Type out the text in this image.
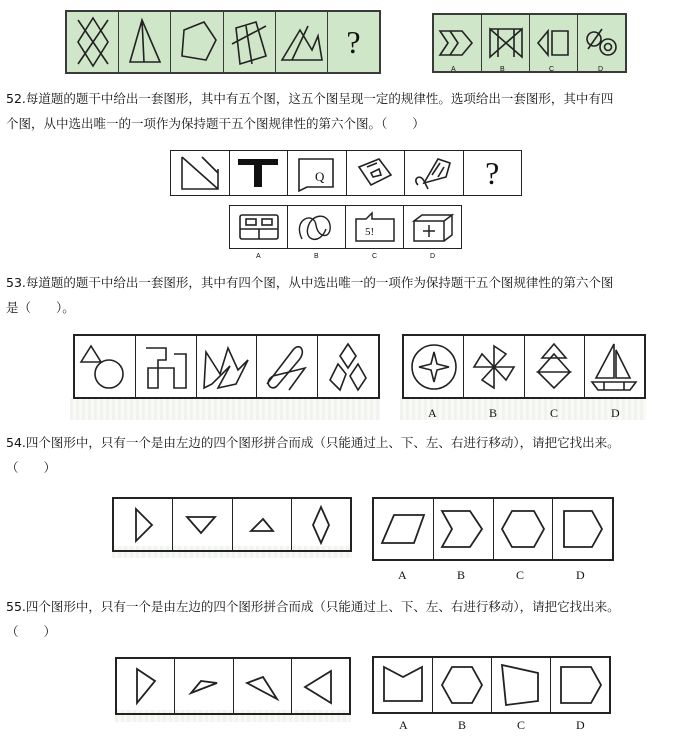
?
A	B	C	D
52.每道题的题干中给出一套图形，其中有五个图，这五个图呈现一定的规律性。选项给出一套图形，其中有四
个图，从中选出唯一的一项作为保持题干五个图规律性的第六个图。（　　）
Q	?
5!
A	B	C	D
53.每道题的题干中给出一套图形，其中有四个图，从中选出唯一的一项作为保持题干五个图规律性的第六个图
是（　　）。
A	B	C	D
54.四个图形中，只有一个是由左边的四个图形拼合而成（只能通过上、下、左、右进行移动），请把它找出来。
（　　）
A	B	C	D
55.四个图形中，只有一个是由左边的四个图形拼合而成（只能通过上、下、左、右进行移动），请把它找出来。
（　　）
A	B	C	D
